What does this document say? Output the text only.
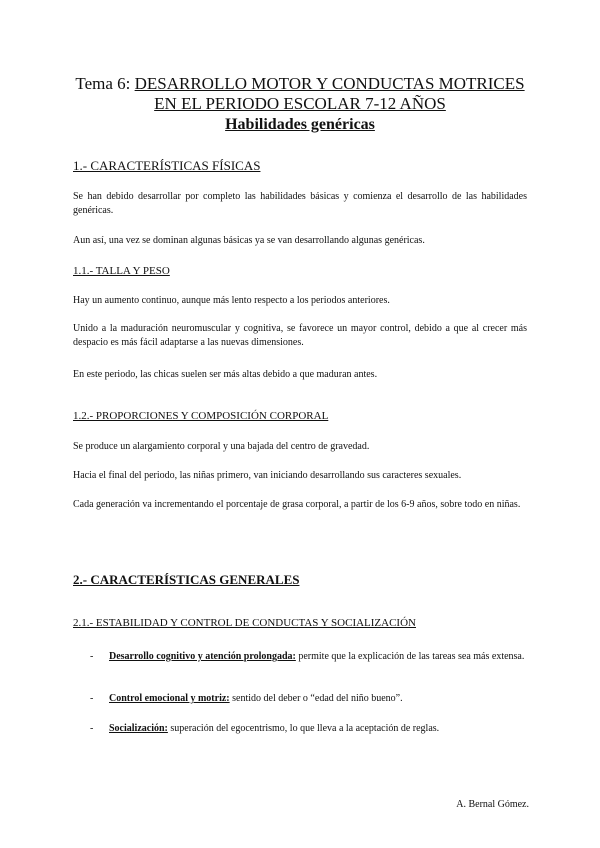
Tema 6: DESARROLLO MOTOR Y CONDUCTAS MOTRICES
EN EL PERIODO ESCOLAR 7-12 AÑOS
Habilidades genéricas
1.- CARACTERÍSTICAS FÍSICAS
Se han debido desarrollar por completo las habilidades básicas y comienza el desarrollo de las habilidades genéricas.
Aun así, una vez se dominan algunas básicas ya se van desarrollando algunas genéricas.
1.1.- TALLA Y PESO
Hay un aumento continuo, aunque más lento respecto a los periodos anteriores.
Unido a la maduración neuromuscular y cognitiva, se favorece un mayor control, debido a que al crecer más despacio es más fácil adaptarse a las nuevas dimensiones.
En este periodo, las chicas suelen ser más altas debido a que maduran antes.
1.2.- PROPORCIONES Y COMPOSICIÓN CORPORAL
Se produce un alargamiento corporal y una bajada del centro de gravedad.
Hacia el final del periodo, las niñas primero, van iniciando desarrollando sus caracteres sexuales.
Cada generación va incrementando el porcentaje de grasa corporal, a partir de los 6-9 años, sobre todo en niñas.
2.- CARACTERÍSTICAS GENERALES
2.1.- ESTABILIDAD Y CONTROL DE CONDUCTAS Y SOCIALIZACIÓN
- Desarrollo cognitivo y atención prolongada: permite que la explicación de las tareas sea más extensa.
- Control emocional y motriz: sentido del deber o “edad del niño bueno”.
- Socialización: superación del egocentrismo, lo que lleva a la aceptación de reglas.
A. Bernal Gómez.
